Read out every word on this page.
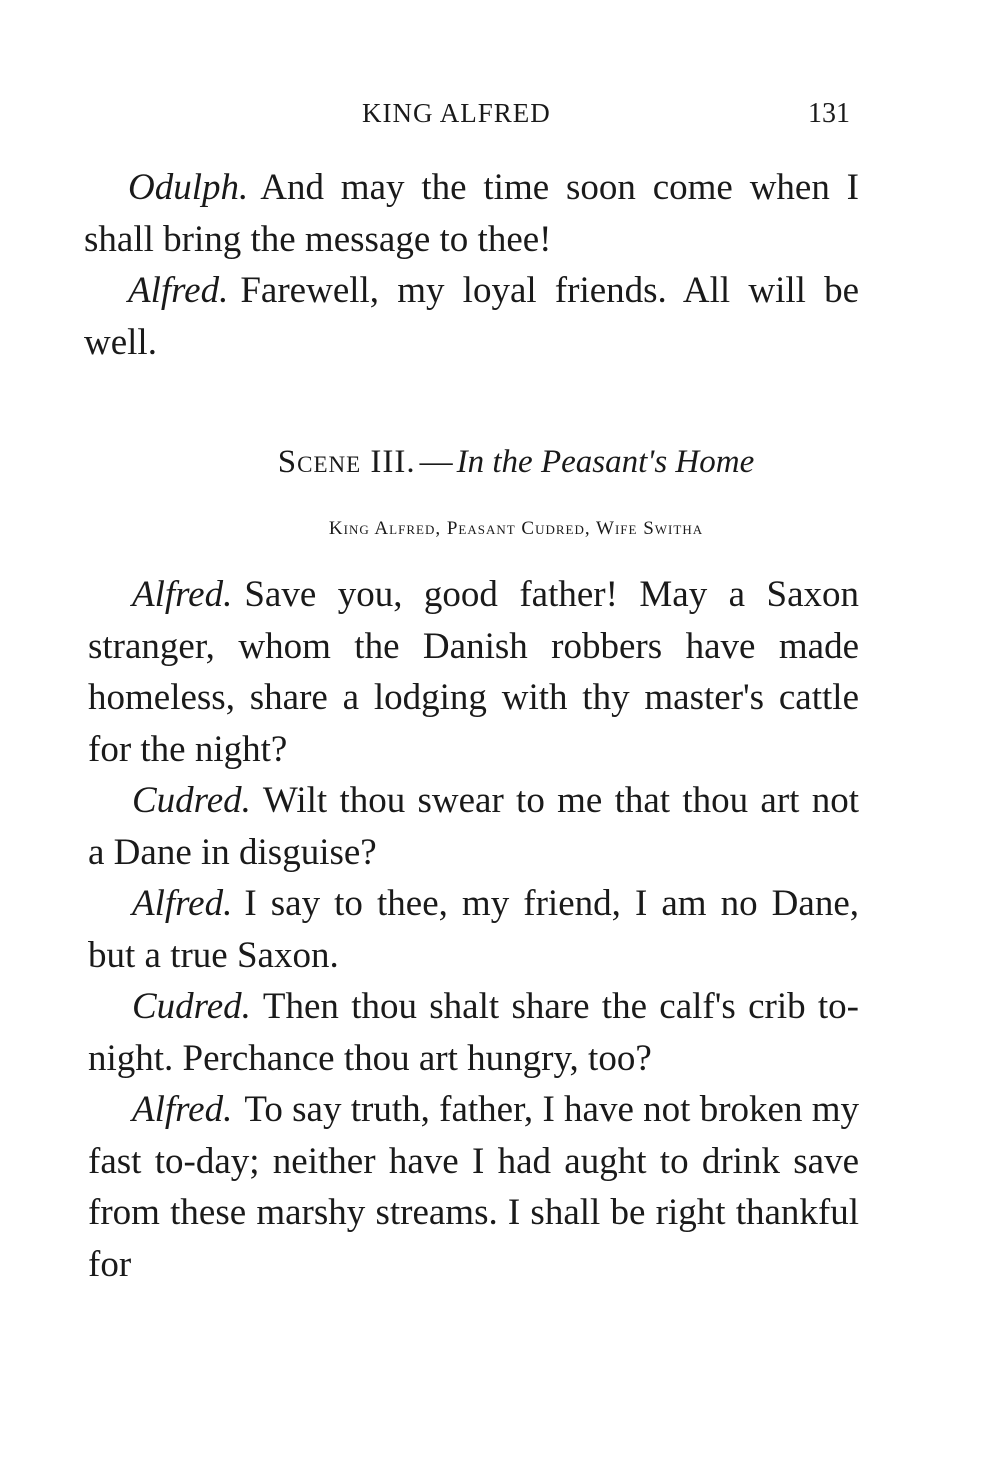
KING ALFRED	131

Odulph. And may the time soon come when I shall bring the message to thee!

Alfred. Farewell, my loyal friends. All will be well.

Scene III. — In the Peasant's Home
King Alfred, Peasant Cudred, Wife Switha

Alfred. Save you, good father! May a Saxon stranger, whom the Danish robbers have made homeless, share a lodging with thy master's cattle for the night?

Cudred. Wilt thou swear to me that thou art not a Dane in disguise?

Alfred. I say to thee, my friend, I am no Dane, but a true Saxon.

Cudred. Then thou shalt share the calf's crib to-night. Perchance thou art hungry, too?

Alfred. To say truth, father, I have not broken my fast to-day; neither have I had aught to drink save from these marshy streams. I shall be right thankful for
